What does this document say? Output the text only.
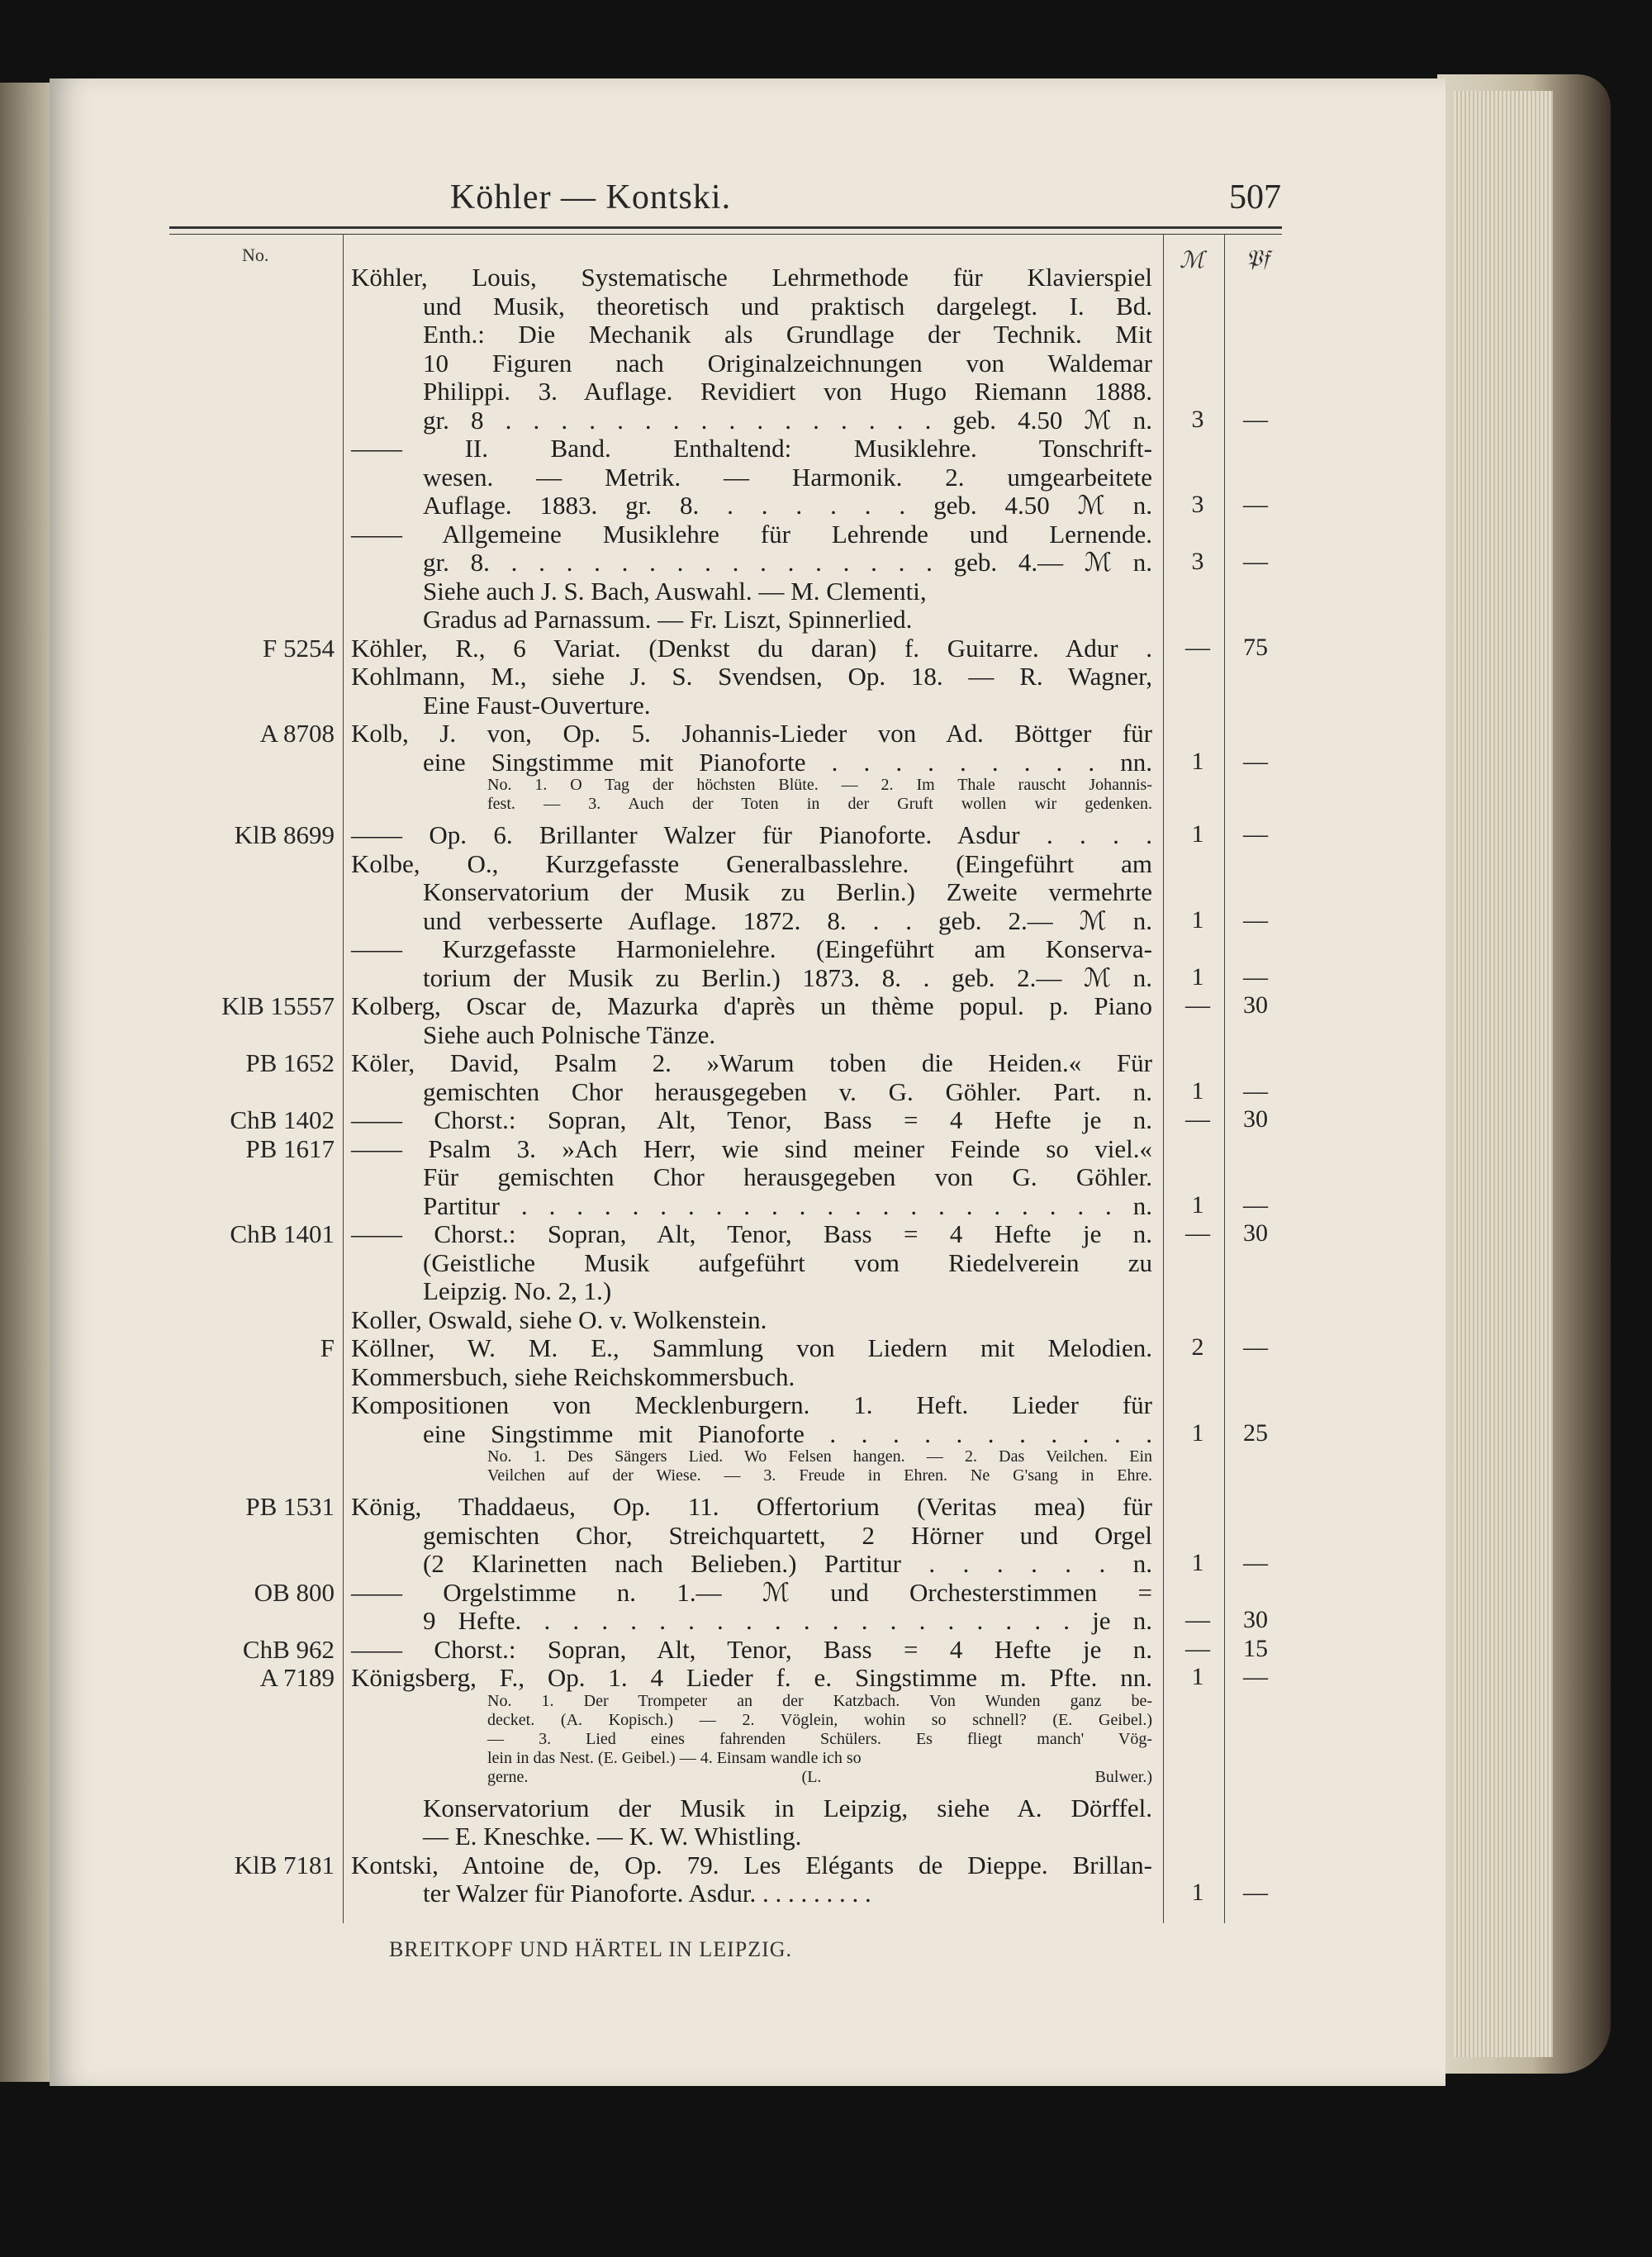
Köhler — Kontski.	507
No.	ℳ 𝔓𝔣
Köhler, Louis, Systematische Lehrmethode für Klavierspiel
und Musik, theoretisch und praktisch dargelegt. I. Bd.
Enth.: Die Mechanik als Grundlage der Technik. Mit
10 Figuren nach Originalzeichnungen von Waldemar
Philippi. 3. Auflage. Revidiert von Hugo Riemann 1888.
gr. 8 . . . . . . . . . . . . . . . . geb. 4.50 ℳ n.	3	—
—— II. Band. Enthaltend: Musiklehre. Tonschrift-
wesen. — Metrik. — Harmonik. 2. umgearbeitete
Auflage. 1883. gr. 8. . . . . . . geb. 4.50 ℳ n.	3	—
—— Allgemeine Musiklehre für Lehrende und Lernende.
gr. 8. . . . . . . . . . . . . . . . . geb. 4.— ℳ n.	3	—
Siehe auch J. S. Bach, Auswahl. — M. Clementi,
Gradus ad Parnassum. — Fr. Liszt, Spinnerlied.
F 5254 Köhler, R., 6 Variat. (Denkst du daran) f. Guitarre. Adur .	—	75
Kohlmann, M., siehe J. S. Svendsen, Op. 18. — R. Wagner,
Eine Faust-Ouverture.
A 8708 Kolb, J. von, Op. 5. Johannis-Lieder von Ad. Böttger für
eine Singstimme mit Pianoforte . . . . . . . . . nn.	1	—
No. 1. O Tag der höchsten Blüte. — 2. Im Thale rauscht Johannis-
fest. — 3. Auch der Toten in der Gruft wollen wir gedenken.
KlB 8699 —— Op. 6. Brillanter Walzer für Pianoforte. Asdur . . . .	1	—
Kolbe, O., Kurzgefasste Generalbasslehre. (Eingeführt am
Konservatorium der Musik zu Berlin.) Zweite vermehrte
und verbesserte Auflage. 1872. 8. . . geb. 2.— ℳ n.	1	—
—— Kurzgefasste Harmonielehre. (Eingeführt am Konserva-
torium der Musik zu Berlin.) 1873. 8. . geb. 2.— ℳ n.	1	—
KlB 15557 Kolberg, Oscar de, Mazurka d'après un thème popul. p. Piano	—	30
Siehe auch Polnische Tänze.
PB 1652 Köler, David, Psalm 2. »Warum toben die Heiden.« Für
gemischten Chor herausgegeben v. G. Göhler. Part. n.	1	—
ChB 1402 —— Chorst.: Sopran, Alt, Tenor, Bass = 4 Hefte je n.	—	30
PB 1617 —— Psalm 3. »Ach Herr, wie sind meiner Feinde so viel.«
Für gemischten Chor herausgegeben von G. Göhler.
Partitur . . . . . . . . . . . . . . . . . . . . . . n.	1	—
ChB 1401 —— Chorst.: Sopran, Alt, Tenor, Bass = 4 Hefte je n.	—	30
(Geistliche Musik aufgeführt vom Riedelverein zu
Leipzig. No. 2, 1.)
Koller, Oswald, siehe O. v. Wolkenstein.
F Köllner, W. M. E., Sammlung von Liedern mit Melodien.	2	—
Kommersbuch, siehe Reichskommersbuch.
Kompositionen von Mecklenburgern. 1. Heft. Lieder für
eine Singstimme mit Pianoforte . . . . . . . . . . .	1	25
No. 1. Des Sängers Lied. Wo Felsen hangen. — 2. Das Veilchen. Ein
Veilchen auf der Wiese. — 3. Freude in Ehren. Ne G'sang in Ehre.
PB 1531 König, Thaddaeus, Op. 11. Offertorium (Veritas mea) für
gemischten Chor, Streichquartett, 2 Hörner und Orgel
(2 Klarinetten nach Belieben.) Partitur . . . . . . n.	1	—
OB 800 —— Orgelstimme n. 1.— ℳ und Orchesterstimmen =
9 Hefte. . . . . . . . . . . . . . . . . . . . je n.	—	30
ChB 962 —— Chorst.: Sopran, Alt, Tenor, Bass = 4 Hefte je n.	—	15
A 7189 Königsberg, F., Op. 1. 4 Lieder f. e. Singstimme m. Pfte. nn.	1	—
No. 1. Der Trompeter an der Katzbach. Von Wunden ganz be-
decket. (A. Kopisch.) — 2. Vöglein, wohin so schnell? (E. Geibel.)
— 3. Lied eines fahrenden Schülers. Es fliegt manch' Vög-
lein in das Nest. (E. Geibel.) — 4. Einsam wandle ich so
gerne. (L. Bulwer.)
Konservatorium der Musik in Leipzig, siehe A. Dörffel.
— E. Kneschke. — K. W. Whistling.
KlB 7181 Kontski, Antoine de, Op. 79. Les Elégants de Dieppe. Brillan-
ter Walzer für Pianoforte. Asdur. . . . . . . . . .	1	—
BREITKOPF UND HÄRTEL IN LEIPZIG.
